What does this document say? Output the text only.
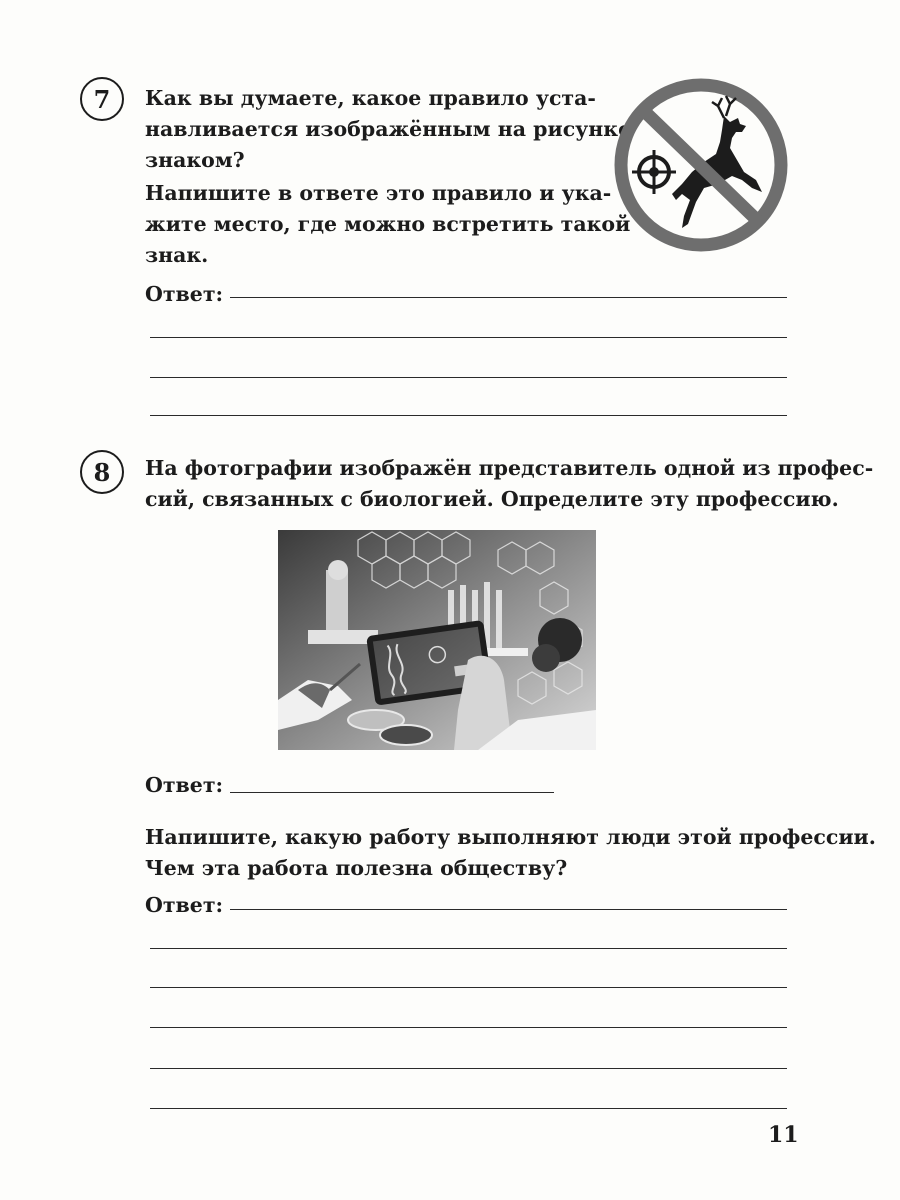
7	Как вы думаете, какое правило уста-
навливается изображённым на рисунке
знаком?

Напишите в ответе это правило и ука-
жите место, где можно встретить такой
знак.

Ответ:
8	На фотографии изображён представитель одной из профес-
сий, связанных с биологией. Определите эту профессию.

Ответ:

Напишите, какую работу выполняют люди этой профессии.
Чем эта работа полезна обществу?

Ответ:
11
